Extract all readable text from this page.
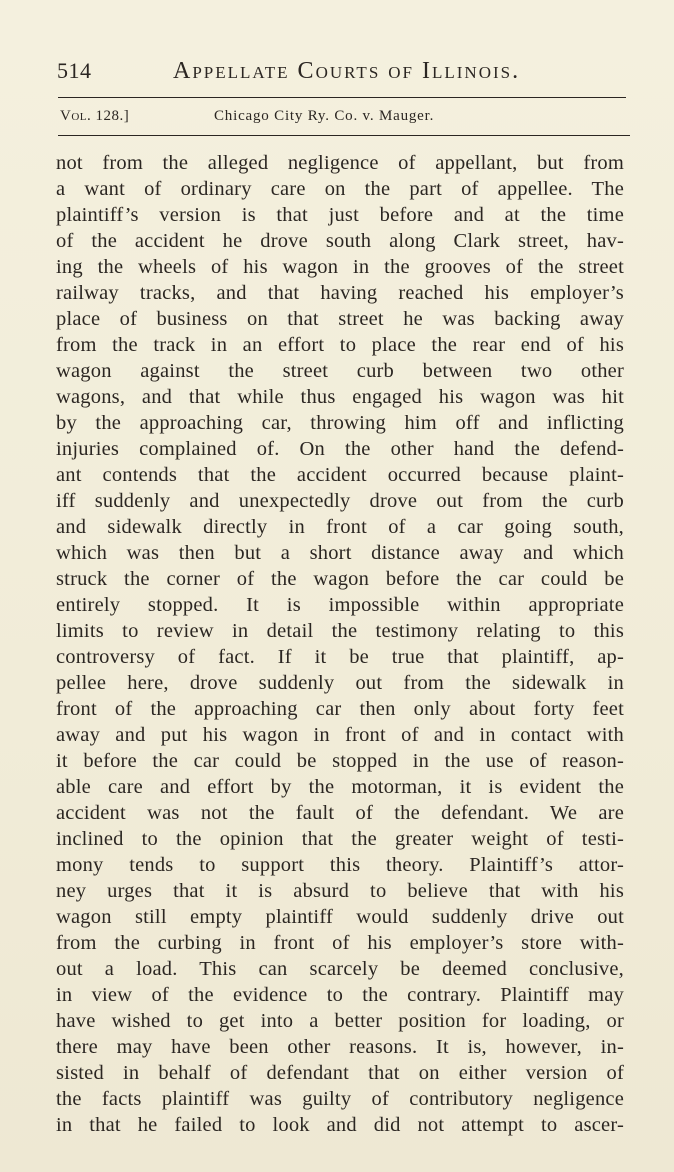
514	Appellate Courts of Illinois.
Vol. 128.]	Chicago City Ry. Co. v. Mauger.
not from the alleged negligence of appellant, but from
a want of ordinary care on the part of appellee. The
plaintiff’s version is that just before and at the time
of the accident he drove south along Clark street, hav-
ing the wheels of his wagon in the grooves of the street
railway tracks, and that having reached his employer’s
place of business on that street he was backing away
from the track in an effort to place the rear end of his
wagon against the street curb between two other
wagons, and that while thus engaged his wagon was hit
by the approaching car, throwing him off and inflicting
injuries complained of. On the other hand the defend-
ant contends that the accident occurred because plaint-
iff suddenly and unexpectedly drove out from the curb
and sidewalk directly in front of a car going south,
which was then but a short distance away and which
struck the corner of the wagon before the car could be
entirely stopped. It is impossible within appropriate
limits to review in detail the testimony relating to this
controversy of fact. If it be true that plaintiff, ap-
pellee here, drove suddenly out from the sidewalk in
front of the approaching car then only about forty feet
away and put his wagon in front of and in contact with
it before the car could be stopped in the use of reason-
able care and effort by the motorman, it is evident the
accident was not the fault of the defendant. We are
inclined to the opinion that the greater weight of testi-
mony tends to support this theory. Plaintiff’s attor-
ney urges that it is absurd to believe that with his
wagon still empty plaintiff would suddenly drive out
from the curbing in front of his employer’s store with-
out a load. This can scarcely be deemed conclusive,
in view of the evidence to the contrary. Plaintiff may
have wished to get into a better position for loading, or
there may have been other reasons. It is, however, in-
sisted in behalf of defendant that on either version of
the facts plaintiff was guilty of contributory negligence
in that he failed to look and did not attempt to ascer-
